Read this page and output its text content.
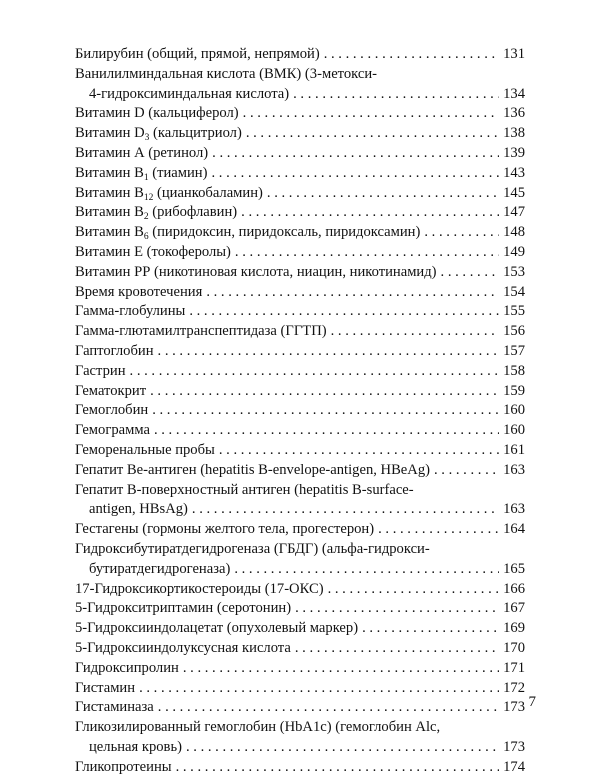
Билирубин (общий, прямой, непрямой) . . .	131
Ванилилминдальная кислота (ВМК) (3-метокси-
4-гидроксиминдальная кислота) . . .	134
Витамин D (кальциферол) . . .	136
Витамин $D_3$ (кальцитриол) . . .	138
Витамин А (ретинол) . . .	139
Витамин $В_1$ (тиамин) . . .	143
Витамин $В_{12}$ (цианкобаламин) . . .	145
Витамин $В_2$ (рибофлавин) . . .	147
Витамин $В_6$ (пиридоксин, пиридоксаль, пиридоксамин) . . .	148
Витамин Е (токоферолы) . . .	149
Витамин РР (никотиновая кислота, ниацин, никотинамид) . . .	153
Время кровотечения . . .	154
Гамма-глобулины . . .	155
Гамма-глютамилтранспептидаза (ГГТП) . . .	156
Гаптоглобин . . .	157
Гастрин . . .	158
Гематокрит . . .	159
Гемоглобин . . .	160
Гемограмма . . .	160
Геморенальные пробы . . .	161
Гепатит Ве-антиген (hepatitis B-envelope-antigen, HBeAg) . . .	163
Гепатит В-поверхностный антиген (hepatitis B-surface-
antigen, HBsAg) . . .	163
Гестагены (гормоны желтого тела, прогестерон) . . .	164
Гидроксибутиратдегидрогеназа (ГБДГ) (альфа-гидрокси-
бутиратдегидрогеназа) . . .	165
17-Гидроксикортикостероиды (17-ОКС) . . .	166
5-Гидрокситриптамин (серотонин) . . .	167
5-Гидроксииндолацетат (опухолевый маркер) . . .	169
5-Гидроксииндолуксусная кислота . . .	170
Гидроксипролин . . .	171
Гистамин . . .	172
Гистаминаза . . .	173
Гликозилированный гемоглобин (HbA1c) (гемоглобин Alc,
цельная кровь) . . .	173
Гликопротеины . . .	174
7
